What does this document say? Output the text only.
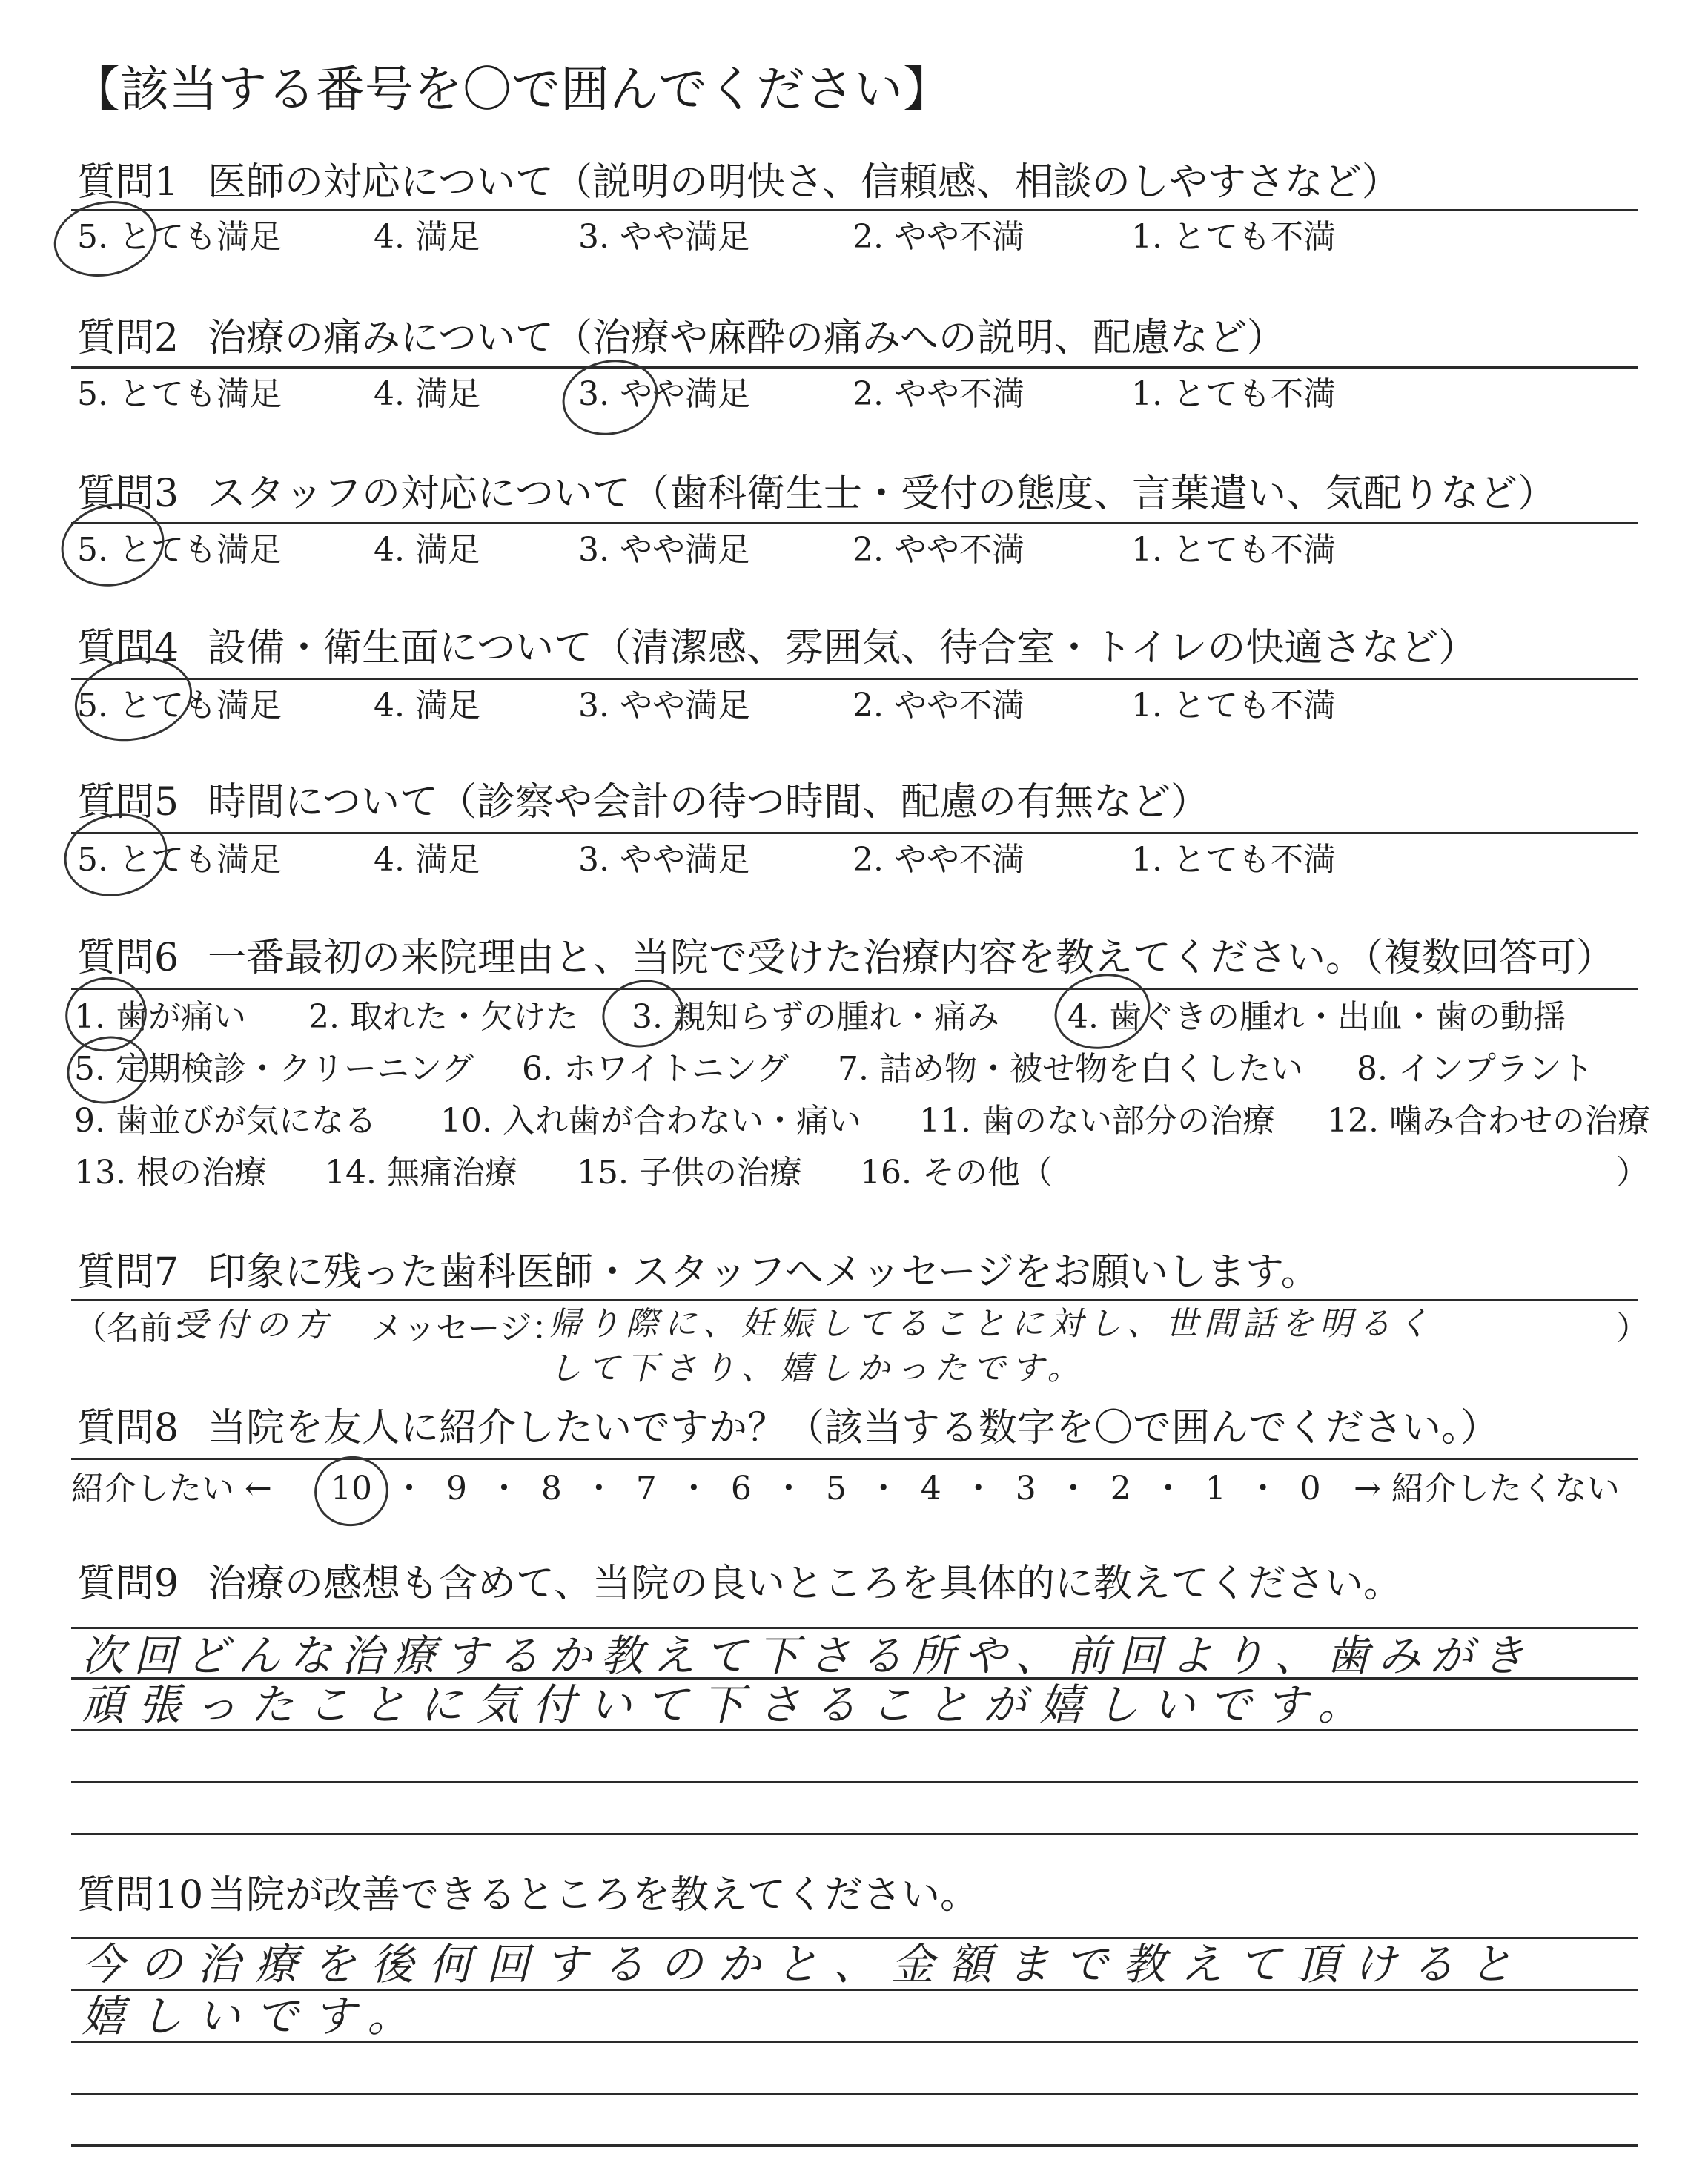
【該当する番号を〇で囲んでください】
質問1 医師の対応について（説明の明快さ、信頼感、相談のしやすさなど）
5. とても満足	4. 満足	3. やや満足	2. やや不満	1. とても不満
質問2 治療の痛みについて（治療や麻酔の痛みへの説明、配慮など）
5. とても満足	4. 満足	3. やや満足	2. やや不満	1. とても不満
質問3 スタッフの対応について（歯科衛生士・受付の態度、言葉遣い、気配りなど）
5. とても満足	4. 満足	3. やや満足	2. やや不満	1. とても不満
質問4 設備・衛生面について（清潔感、雰囲気、待合室・トイレの快適さなど）
5. とても満足	4. 満足	3. やや満足	2. やや不満	1. とても不満
質問5 時間について（診察や会計の待つ時間、配慮の有無など）
5. とても満足	4. 満足	3. やや満足	2. やや不満	1. とても不満
質問6 一番最初の来院理由と、当院で受けた治療内容を教えてください。（複数回答可）
1. 歯が痛い 2. 取れた・欠けた 3. 親知らずの腫れ・痛み 4. 歯ぐきの腫れ・出血・歯の動揺
5. 定期検診・クリーニング 6. ホワイトニング 7. 詰め物・被せ物を白くしたい 8. インプラント
9. 歯並びが気になる 10. 入れ歯が合わない・痛い 11. 歯のない部分の治療 12. 噛み合わせの治療
13. 根の治療 14. 無痛治療 15. 子供の治療 16. その他（	）
質問7 印象に残った歯科医師・スタッフへメッセージをお願いします。
（名前：
受付の方 メッセージ：
帰り際に、妊娠してることに対し、世間話を明るく
して下さり、嬉しかったです。
）
質問8 当院を友人に紹介したいですか？（該当する数字を〇で囲んでください。）
紹介したい ← 10 ・ 9 ・ 8 ・ 7 ・ 6 ・ 5 ・ 4 ・ 3 ・ 2 ・ 1 ・ 0 → 紹介したくない
質問9 治療の感想も含めて、当院の良いところを具体的に教えてください。
次回どんな治療するか教えて下さる所や、前回より、歯みがき
頑張ったことに気付いて下さることが嬉しいです。
質問10 当院が改善できるところを教えてください。
今の治療を後何回するのかと、金額まで教えて頂けると
嬉しいです。
